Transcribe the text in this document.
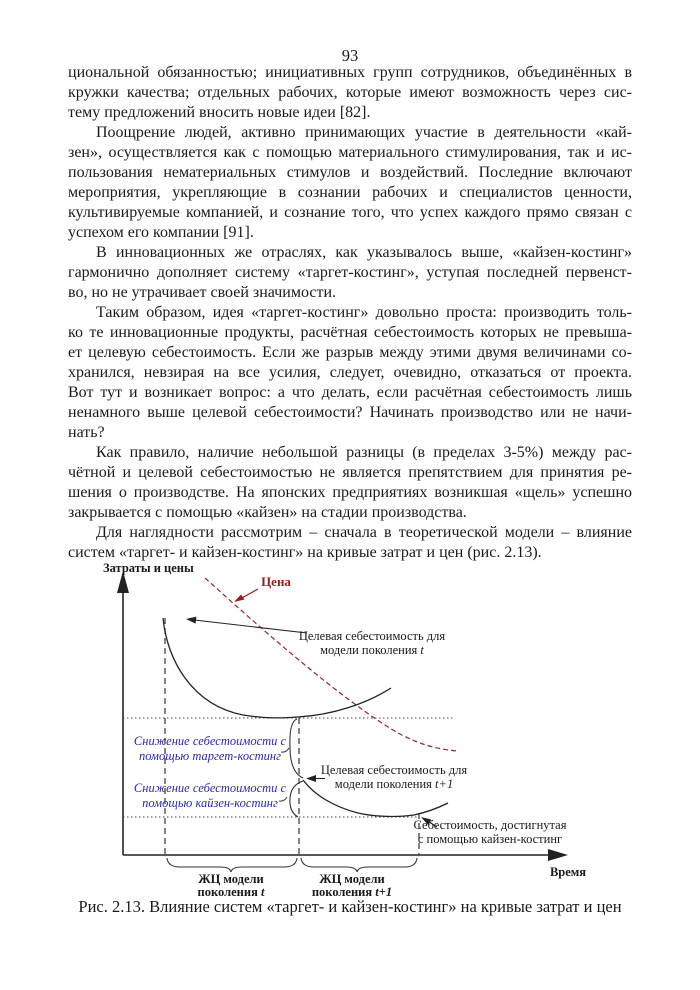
93
циональной обязанностью; инициативных групп сотрудников, объединённых в
кружки качества; отдельных рабочих, которые имеют возможность через сис-
тему предложений вносить новые идеи [82].
Поощрение людей, активно принимающих участие в деятельности «кай-
зен», осуществляется как с помощью материального стимулирования, так и ис-
пользования нематериальных стимулов и воздействий. Последние включают
мероприятия, укрепляющие в сознании рабочих и специалистов ценности,
культивируемые компанией, и сознание того, что успех каждого прямо связан с
успехом его компании [91].
В инновационных же отраслях, как указывалось выше, «кайзен-костинг»
гармонично дополняет систему «таргет-костинг», уступая последней первенст-
во, но не утрачивает своей значимости.
Таким образом, идея «таргет-костинг» довольно проста: производить толь-
ко те инновационные продукты, расчётная себестоимость которых не превыша-
ет целевую себестоимость. Если же разрыв между этими двумя величинами со-
хранился, невзирая на все усилия, следует, очевидно, отказаться от проекта.
Вот тут и возникает вопрос: а что делать, если расчётная себестоимость лишь
ненамного выше целевой себестоимости? Начинать производство или не начи-
нать?
Как правило, наличие небольшой разницы (в пределах 3-5%) между рас-
чётной и целевой себестоимостью не является препятствием для принятия ре-
шения о производстве. На японских предприятиях возникшая «щель» успешно
закрывается с помощью «кайзен» на стадии производства.
Для наглядности рассмотрим – сначала в теоретической модели – влияние
систем «таргет- и кайзен-костинг» на кривые затрат и цен (рис. 2.13).
Цена
Целевая себестоимость для
модели поколения t
Целевая себестоимость для
модели поколения t+1
Снижение себестоимости с
помощью таргет-костинг
Снижение себестоимости с
помощью кайзен-костинг
Себестоимость, достигнутая
с помощью кайзен-костинг
Затраты и цены
Время
ЖЦ модели
поколения t
ЖЦ модели
поколения t+1
Рис. 2.13. Влияние систем «таргет- и кайзен-костинг» на кривые затрат и цен
